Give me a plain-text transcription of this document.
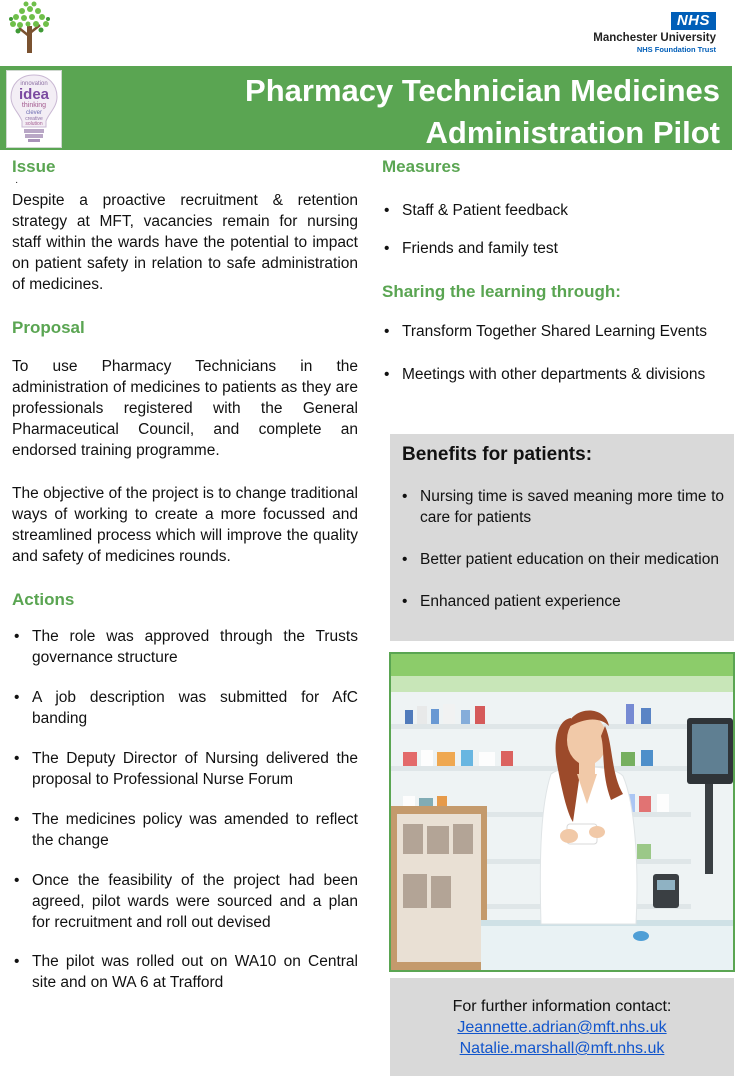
NHS
Manchester University
NHS Foundation Trust
innovation
idea
thinking
clever
creative
solution
Pharmacy Technician Medicines
Administration Pilot
Issue
·
Despite a proactive recruitment & retention strategy at MFT, vacancies remain for nursing staff within the wards have the potential to impact on patient safety in relation to safe administration of medicines.
Proposal
To use Pharmacy Technicians in the administration of medicines to patients as they are professionals registered with the General Pharmaceutical Council, and complete an endorsed training programme.
The objective of the project is to change traditional ways of working to create a more focussed and streamlined process which will improve the quality and safety of medicines rounds.
Actions
• The role was approved through the Trusts governance structure
• A job description was submitted for AfC banding
• The Deputy Director of Nursing delivered the proposal to Professional Nurse Forum
• The medicines policy was amended to reflect the change
• Once the feasibility of the project had been agreed, pilot wards were sourced and a plan for recruitment and roll out devised
• The pilot was rolled out on WA10 on Central site and on WA 6 at Trafford
Measures
• Staff & Patient feedback
• Friends and family test
Sharing the learning through:
• Transform Together Shared Learning Events
• Meetings with other departments & divisions
Benefits for patients:
• Nursing time is saved meaning more time to care for patients
• Better patient education on their medication
• Enhanced patient experience
For further information contact:
Jeannette.adrian@mft.nhs.uk
Natalie.marshall@mft.nhs.uk
